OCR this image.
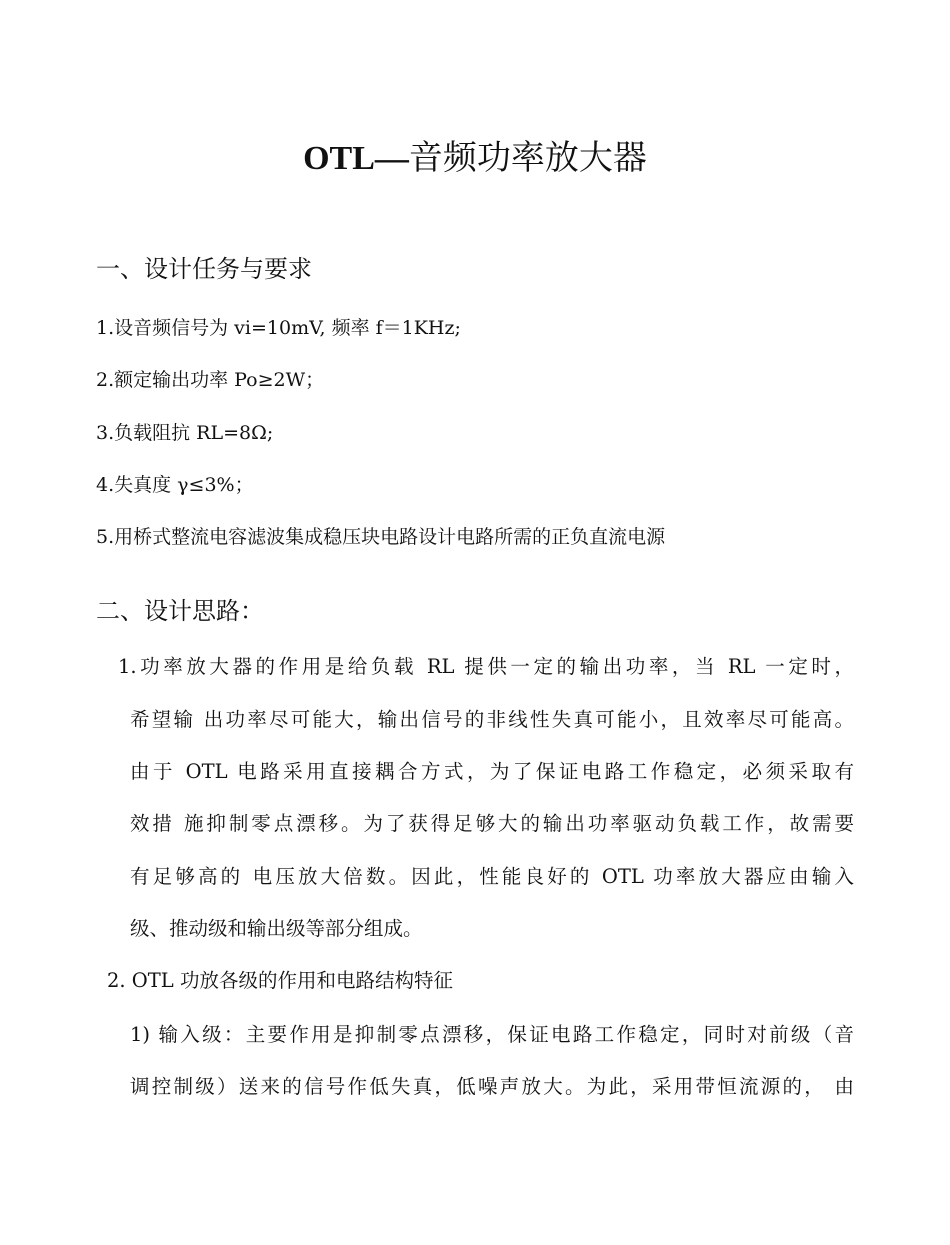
OTL—音频功率放大器
一、设计任务与要求
1.设音频信号为 vi=10mV, 频率 f＝1KHz;
2.额定输出功率 Po≥2W；
3.负载阻抗 RL=8Ω;
4.失真度 γ≤3%；
5.用桥式整流电容滤波集成稳压块电路设计电路所需的正负直流电源
二、设计思路：
1.功率放大器的作用是给负载 RL 提供一定的输出功率，当 RL 一定时，
希望输 出功率尽可能大，输出信号的非线性失真可能小，且效率尽可能高。
由于 OTL 电路采用直接耦合方式，为了保证电路工作稳定，必须采取有
效措 施抑制零点漂移。为了获得足够大的输出功率驱动负载工作，故需要
有足够高的 电压放大倍数。因此，性能良好的 OTL 功率放大器应由输入
级、推动级和输出级等部分组成。
2. OTL 功放各级的作用和电路结构特征
1) 输入级：主要作用是抑制零点漂移，保证电路工作稳定，同时对前级（音
调控制级）送来的信号作低失真，低噪声放大。为此，采用带恒流源的， 由
